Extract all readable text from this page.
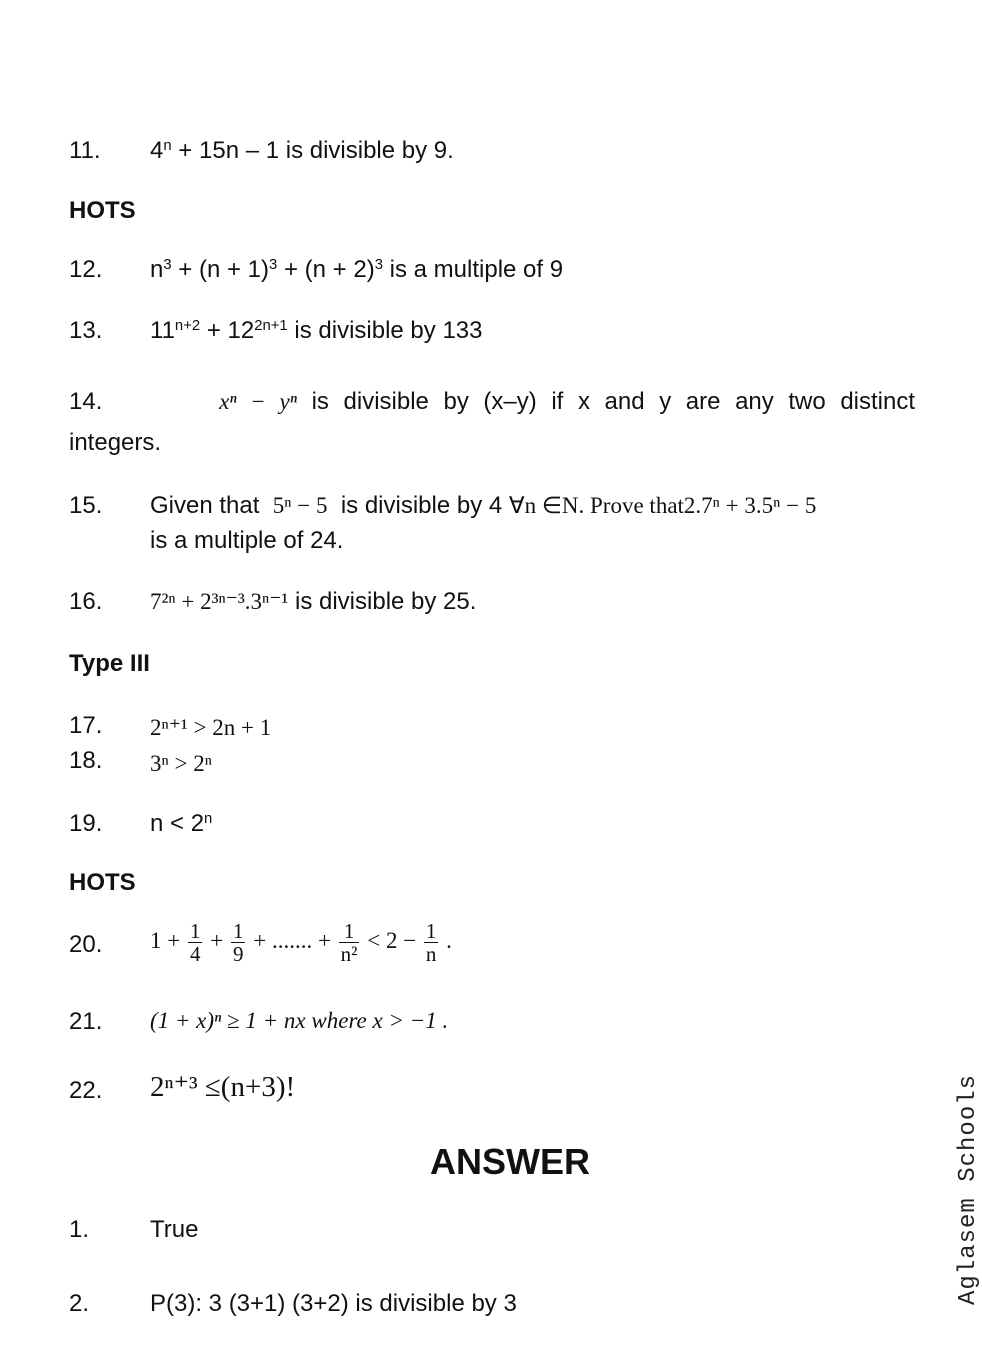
11. $4^n + 15n - 1$ is divisible by 9.
HOTS
12. $n^3 + (n + 1)^3 + (n + 2)^3$ is a multiple of 9
13. $11^{n+2} + 12^{2n+1}$ is divisible by 133
14.	xⁿ − yⁿ is divisible by (x–y) if x and y are any two distinct
integers.
15. Given that 5ⁿ − 5 is divisible by 4 ∀n ∈N. Prove that2.7ⁿ + 3.5ⁿ − 5
is a multiple of 24.
16. 7²ⁿ + 2³ⁿ⁻³.3ⁿ⁻¹ is divisible by 25.
Type III
17. 2ⁿ⁺¹ > 2n + 1
18. 3ⁿ > 2ⁿ
19. $n < 2^n$
HOTS
20. $1 + \frac{1}{4} + \frac{1}{9}$ + ....... + $\frac{1}{\text{n²}} < 2 - \frac{1}{n}$ .
21. (1 + x)ⁿ ≥ 1 + nx where x > −1 .
22. 2ⁿ⁺³ ≤(n+3)!
ANSWER
1.	True
2.	P(3): 3 (3+1) (3+2) is divisible by 3	Aglasem Schools
